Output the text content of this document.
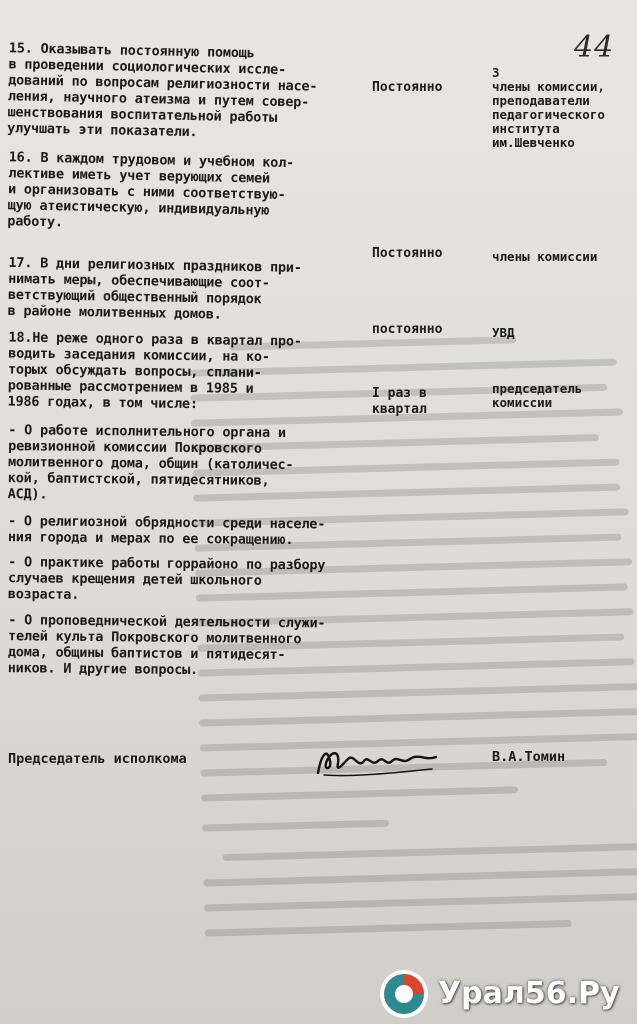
44
15. Оказывать постоянную помощь
в проведении социологических иссле-
дований по вопросам религиозности насе-
ления, научного атеизма и путем совер-
шенствования воспитательной работы
улучшать эти показатели.
Постоянно
З
члены комиссии,
преподаватели
педагогического
института
им.Шевченко
16. В каждом трудовом и учебном кол-
лективе иметь учет верующих семей
и организовать с ними соответствую-
щую атеистическую, индивидуальную
работу.
17. В дни религиозных праздников при-
нимать меры, обеспечивающие соот-
ветствующий общественный порядок
в районе молитвенных домов.
Постоянно	члены комиссии
18.Не реже одного раза в квартал про-
водить заседания комиссии, на ко-
торых обсуждать вопросы, сплани-
рованные рассмотрением в 1985 и
1986 годах, в том числе:
постоянно

I раз в
квартал
УВД

председатель
комиссии
- О работе исполнительного органа и
ревизионной комиссии Покровского
молитвенного дома, общин (католичес-
кой, баптистской, пятидесятников,
АСД).
- О религиозной обрядности среди населе-
ния города и мерах по ее сокращению.
- О практике работы горрайоно по разбору
случаев крещения детей школьного
возраста.
- О проповеднической деятельности служи-
телей культа Покровского молитвенного
дома, общины баптистов и пятидесят-
ников. И другие вопросы.
Председатель исполкома	В.А.Томин
Урал56.Ру
